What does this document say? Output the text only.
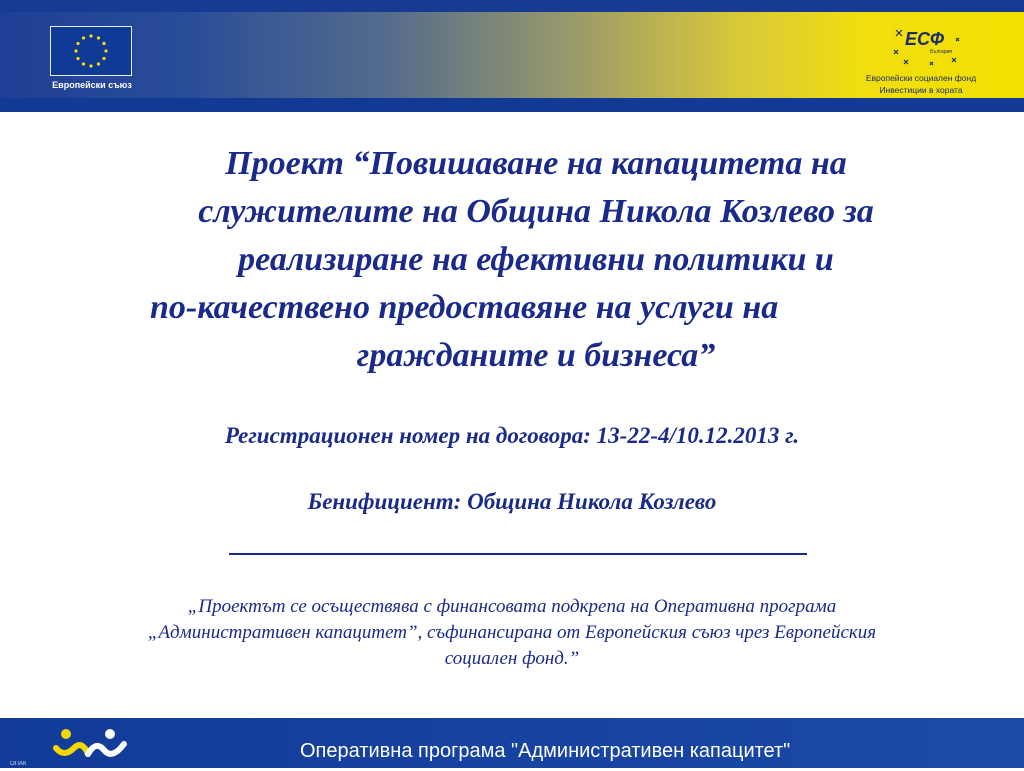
Европейски съюз
ЕСФ
България
Европейски социален фонд
Инвестиции в хората
Проект “Повишаване на капацитета на
служителите на Община Никола Козлево за
реализиране на ефективни политики и
по-качествено предоставяне на услуги на
гражданите и бизнеса”

Регистрационен номер на договора: 13-22-4/10.12.2013 г.

Бенифициент: Община Никола Козлево

„Проектът се осъществява с финансовата подкрепа на Оперативна програма
„Административен капацитет”, съфинансирана от Европейския съюз чрез Европейския
социален фонд.”

ОПАК
Оперативна програма "Административен капацитет"
